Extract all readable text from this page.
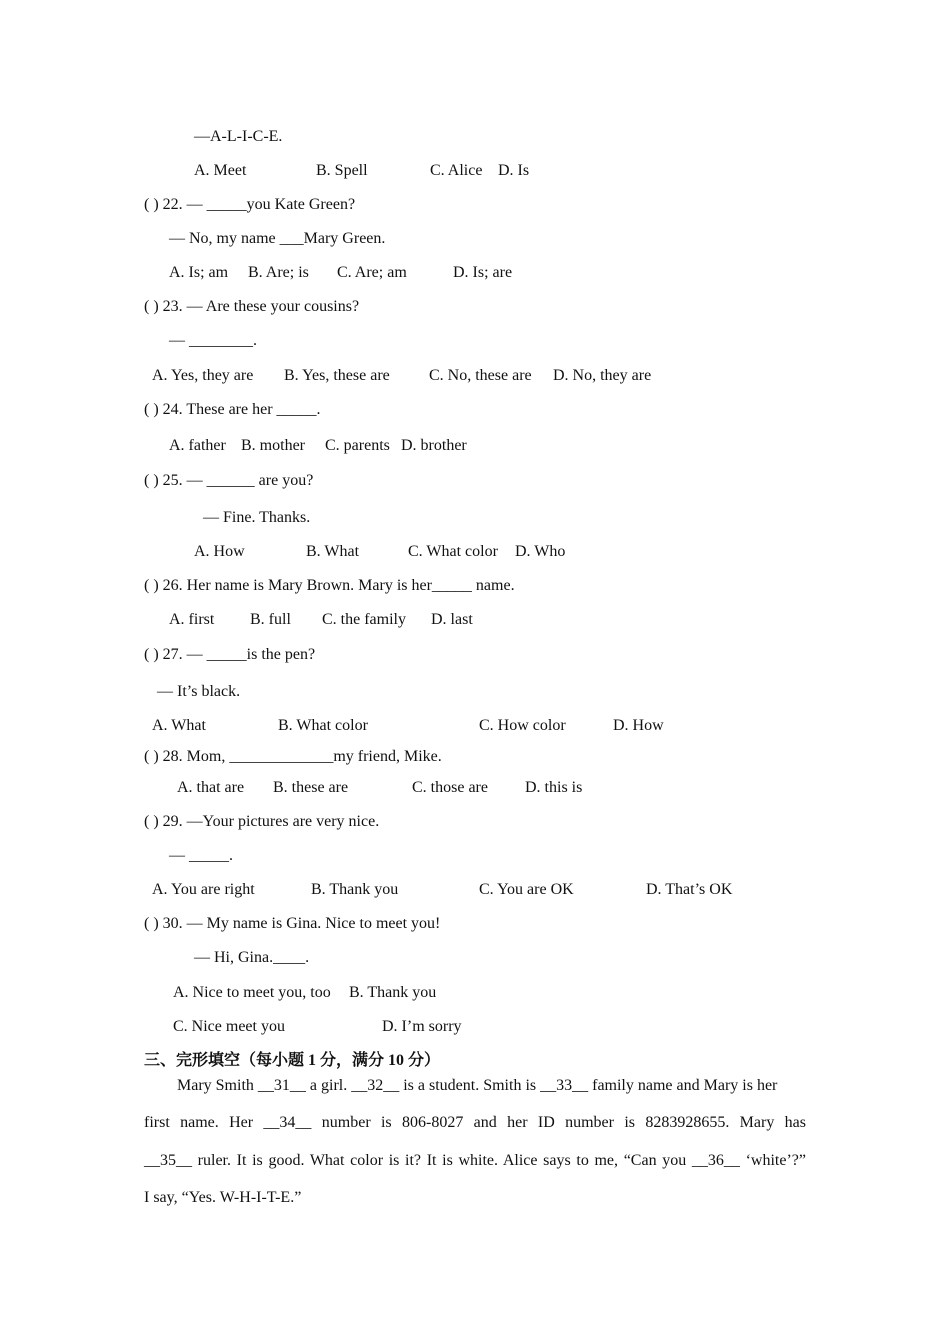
—A-L-I-C-E.
A. Meet	B. Spell	C. Alice D. Is
( ) 22. — _____you Kate Green?
— No, my name ___Mary Green.
A. Is; am B. Are; is C. Are; am	D. Is; are
( ) 23. — Are these your cousins?
— ________.
A. Yes, they are B. Yes, these are C. No, these are D. No, they are
( ) 24. These are her _____.
A. father B. mother C. parents D. brother
( ) 25. — ______ are you?
— Fine. Thanks.
A. How	B. What	C. What color D. Who
( ) 26. Her name is Mary Brown. Mary is her_____ name.
A. first B. full C. the family D. last
( ) 27. — _____is the pen?
— It’s black.
A. What	B. What color	C. How color	D. How
( ) 28. Mom, _____________my friend, Mike.
A. that are B. these are	C. those are D. this is
( ) 29. —Your pictures are very nice.
— _____.
A. You are right	B. Thank you	C. You are OK	D. That’s OK
( ) 30. — My name is Gina. Nice to meet you!
— Hi, Gina.____.
A. Nice to meet you, too B. Thank you
C. Nice meet you	D. I’m sorry
三、完形填空（每小题 1 分，满分 10 分）
Mary Smith __31__ a girl. __32__ is a student. Smith is __33__ family name and Mary is her
first name. Her __34__ number is 806-8027 and her ID number is 8283928655. Mary has
__35__ ruler. It is good. What color is it? It is white. Alice says to me, “Can you __36__ ‘white’?”
I say, “Yes. W-H-I-T-E.”
